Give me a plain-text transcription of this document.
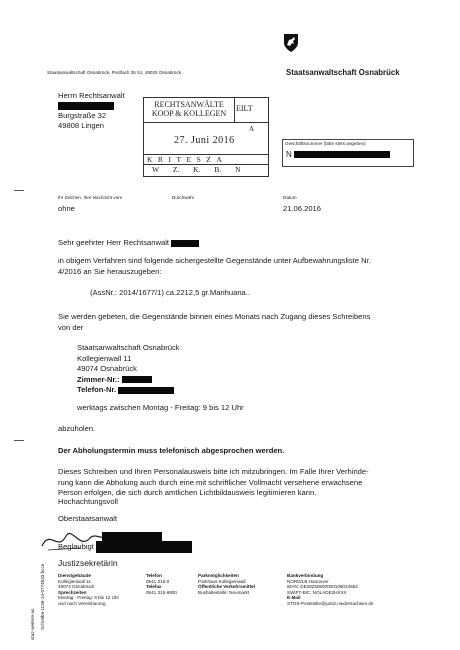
Staatsanwaltschaft Osnabrück, Postfach 35 51, 49025 Osnabrück	Staatsanwaltschaft Osnabrück
Herrn Rechtsanwalt
Burgstraße 32
49808 Lingen
RECHTSANWÄLTE
KOOP & KOLLEGEN
EILT
A
27. Juni 2016
KRITESZA
W Z. K. B. N
Geschäftsnummer (bitte stets angeben)
N
Ihr Zeichen, Ihre Nachricht vom
ohne
Durchwahl	Datum
21.06.2016
Sehr geehrter Herr Rechtsanwalt
in obigem Verfahren sind folgende sichergestellte Gegenstände unter Aufbewahrungsliste Nr.
4/2016 an Sie herauszugeben:
(AssNr.: 2014/1677/1) ca.2212,5 gr.Marihuana..
Sie werden gebeten, die Gegenstände binnen eines Monats nach Zugang dieses Schreibens
von der
Staatsanwaltschaft Osnabrück
Kollegienwall 11
49074 Osnabrück
Zimmer-Nr.:
Telefon-Nr.
werktags zwischen Montag - Freitag: 9 bis 12 Uhr
abzuholen.
Der Abholungstermin muss telefonisch abgesprochen werden.
Dieses Schreiben und Ihren Personalausweis bitte ich mitzubringen. Im Falle Ihrer Verhinde-
rung kann die Abholung auch durch eine mit schriftlicher Vollmacht versehene erwachsene
Person erfolgen, die sich durch amtlichen Lichtbildausweis legitimieren kann.
Hochachtungsvoll
Oberstaatsanwalt
Beglaubigt
Justizsekretärin
Dienstgebäude
Kollegienwall 11
49074 Osnabrück
Sprechzeiten
Montag - Freitag: 9 bis 12 Uhr
und nach Vereinbarung
Telefon
0541 315-0
Telefax
0541 315-6800
Parkmöglichkeiten
Parkhaus Kollegienwall
Öffentliche Verkehrsmittel
Bushaltestelle: Neumarkt
Bankverbindung
NORD/LB Hannover
IBAN: DE28250500000106024664
SWIFT-BIC: NOLADE2HXXX
E-Mail
STOS-Poststelle@justiz.niedersachsen.de
sta2-weitere-as Schreibe 1136-14-0774633 bcce
